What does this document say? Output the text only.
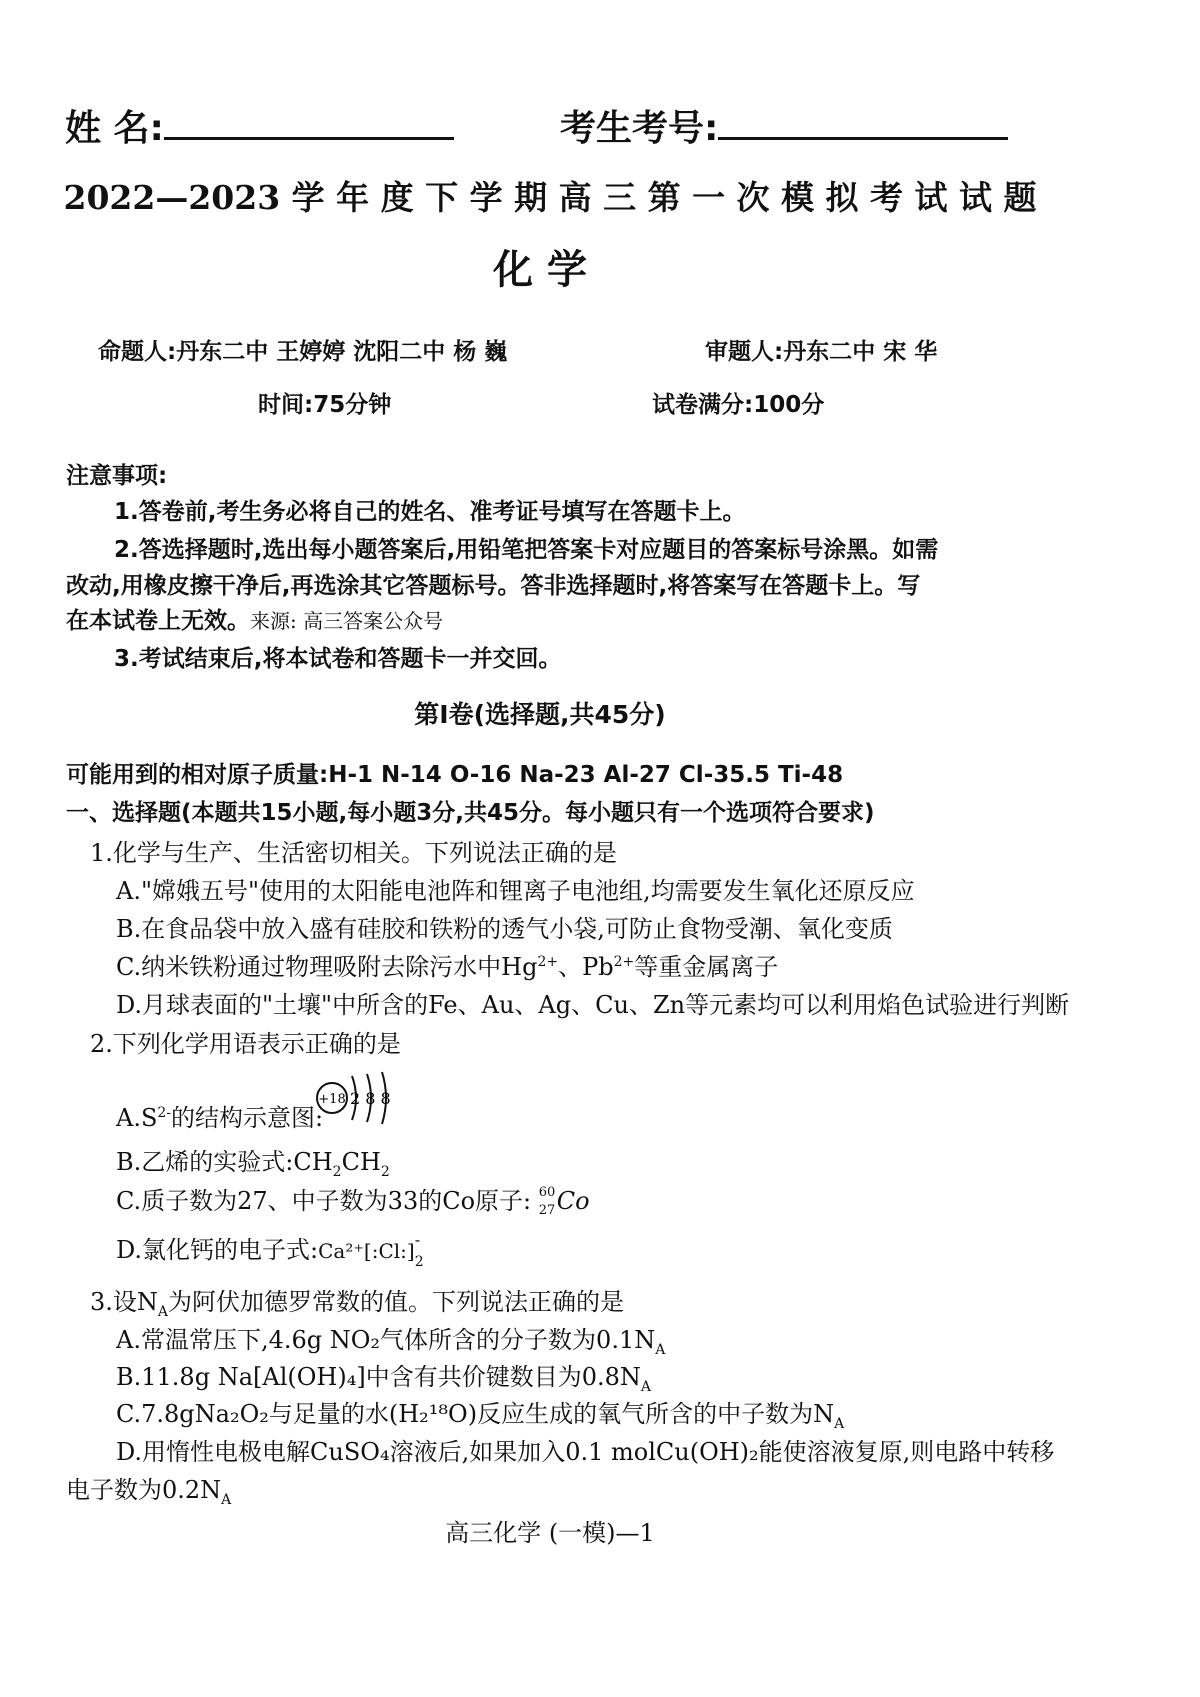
姓 名:	考生考号:
2022—2023 学 年 度 下 学 期 高 三 第 一 次 模 拟 考 试 试 题
化 学
命题人:丹东二中 王婷婷 沈阳二中 杨 巍	审题人:丹东二中 宋 华
时间:75分钟	试卷满分:100分
注意事项:
1.答卷前,考生务必将自己的姓名、准考证号填写在答题卡上。
2.答选择题时,选出每小题答案后,用铅笔把答案卡对应题目的答案标号涂黑。如需
改动,用橡皮擦干净后,再选涂其它答题标号。答非选择题时,将答案写在答题卡上。写
在本试卷上无效。来源: 高三答案公众号
3.考试结束后,将本试卷和答题卡一并交回。
第Ⅰ卷(选择题,共45分)
可能用到的相对原子质量:H-1 N-14 O-16 Na-23 Al-27 Cl-35.5 Ti-48
一、选择题(本题共15小题,每小题3分,共45分。每小题只有一个选项符合要求)
1.化学与生产、生活密切相关。下列说法正确的是
A."嫦娥五号"使用的太阳能电池阵和锂离子电池组,均需要发生氧化还原反应
B.在食品袋中放入盛有硅胶和铁粉的透气小袋,可防止食物受潮、氧化变质
C.纳米铁粉通过物理吸附去除污水中$Hg^{2+}$、$Pb^{2+}$等重金属离子
D.月球表面的"土壤"中所含的Fe、Au、Ag、Cu、Zn等元素均可以利用焰色试验进行判断
2.下列化学用语表示正确的是
$A.S^{2-}$的结构示意图:
+18 2 8 8
B.乙烯的实验式$:CH_2CH_2$
C.质子数为27、中子数为33的Co原子: 60
27 Co
D.氯化钙的电子式:Ca²⁺[:Cl:] -
2
3.设$N_A$为阿伏加德罗常数的值。下列说法正确的是
A.常温常压下,4.6g NO₂气体所含的分子数为$0.1N_A$
B.11.8g Na[Al(OH)₄]中含有共价键数目为$0.8N_A$
C.7.8gNa₂O₂与足量的水(H₂¹⁸O)反应生成的氧气所含的中子数为$N_A$
D.用惰性电极电解CuSO₄溶液后,如果加入0.1 molCu(OH)₂能使溶液复原,则电路中转移
电子数为$0.2N_A$
高三化学 (一模)—1
